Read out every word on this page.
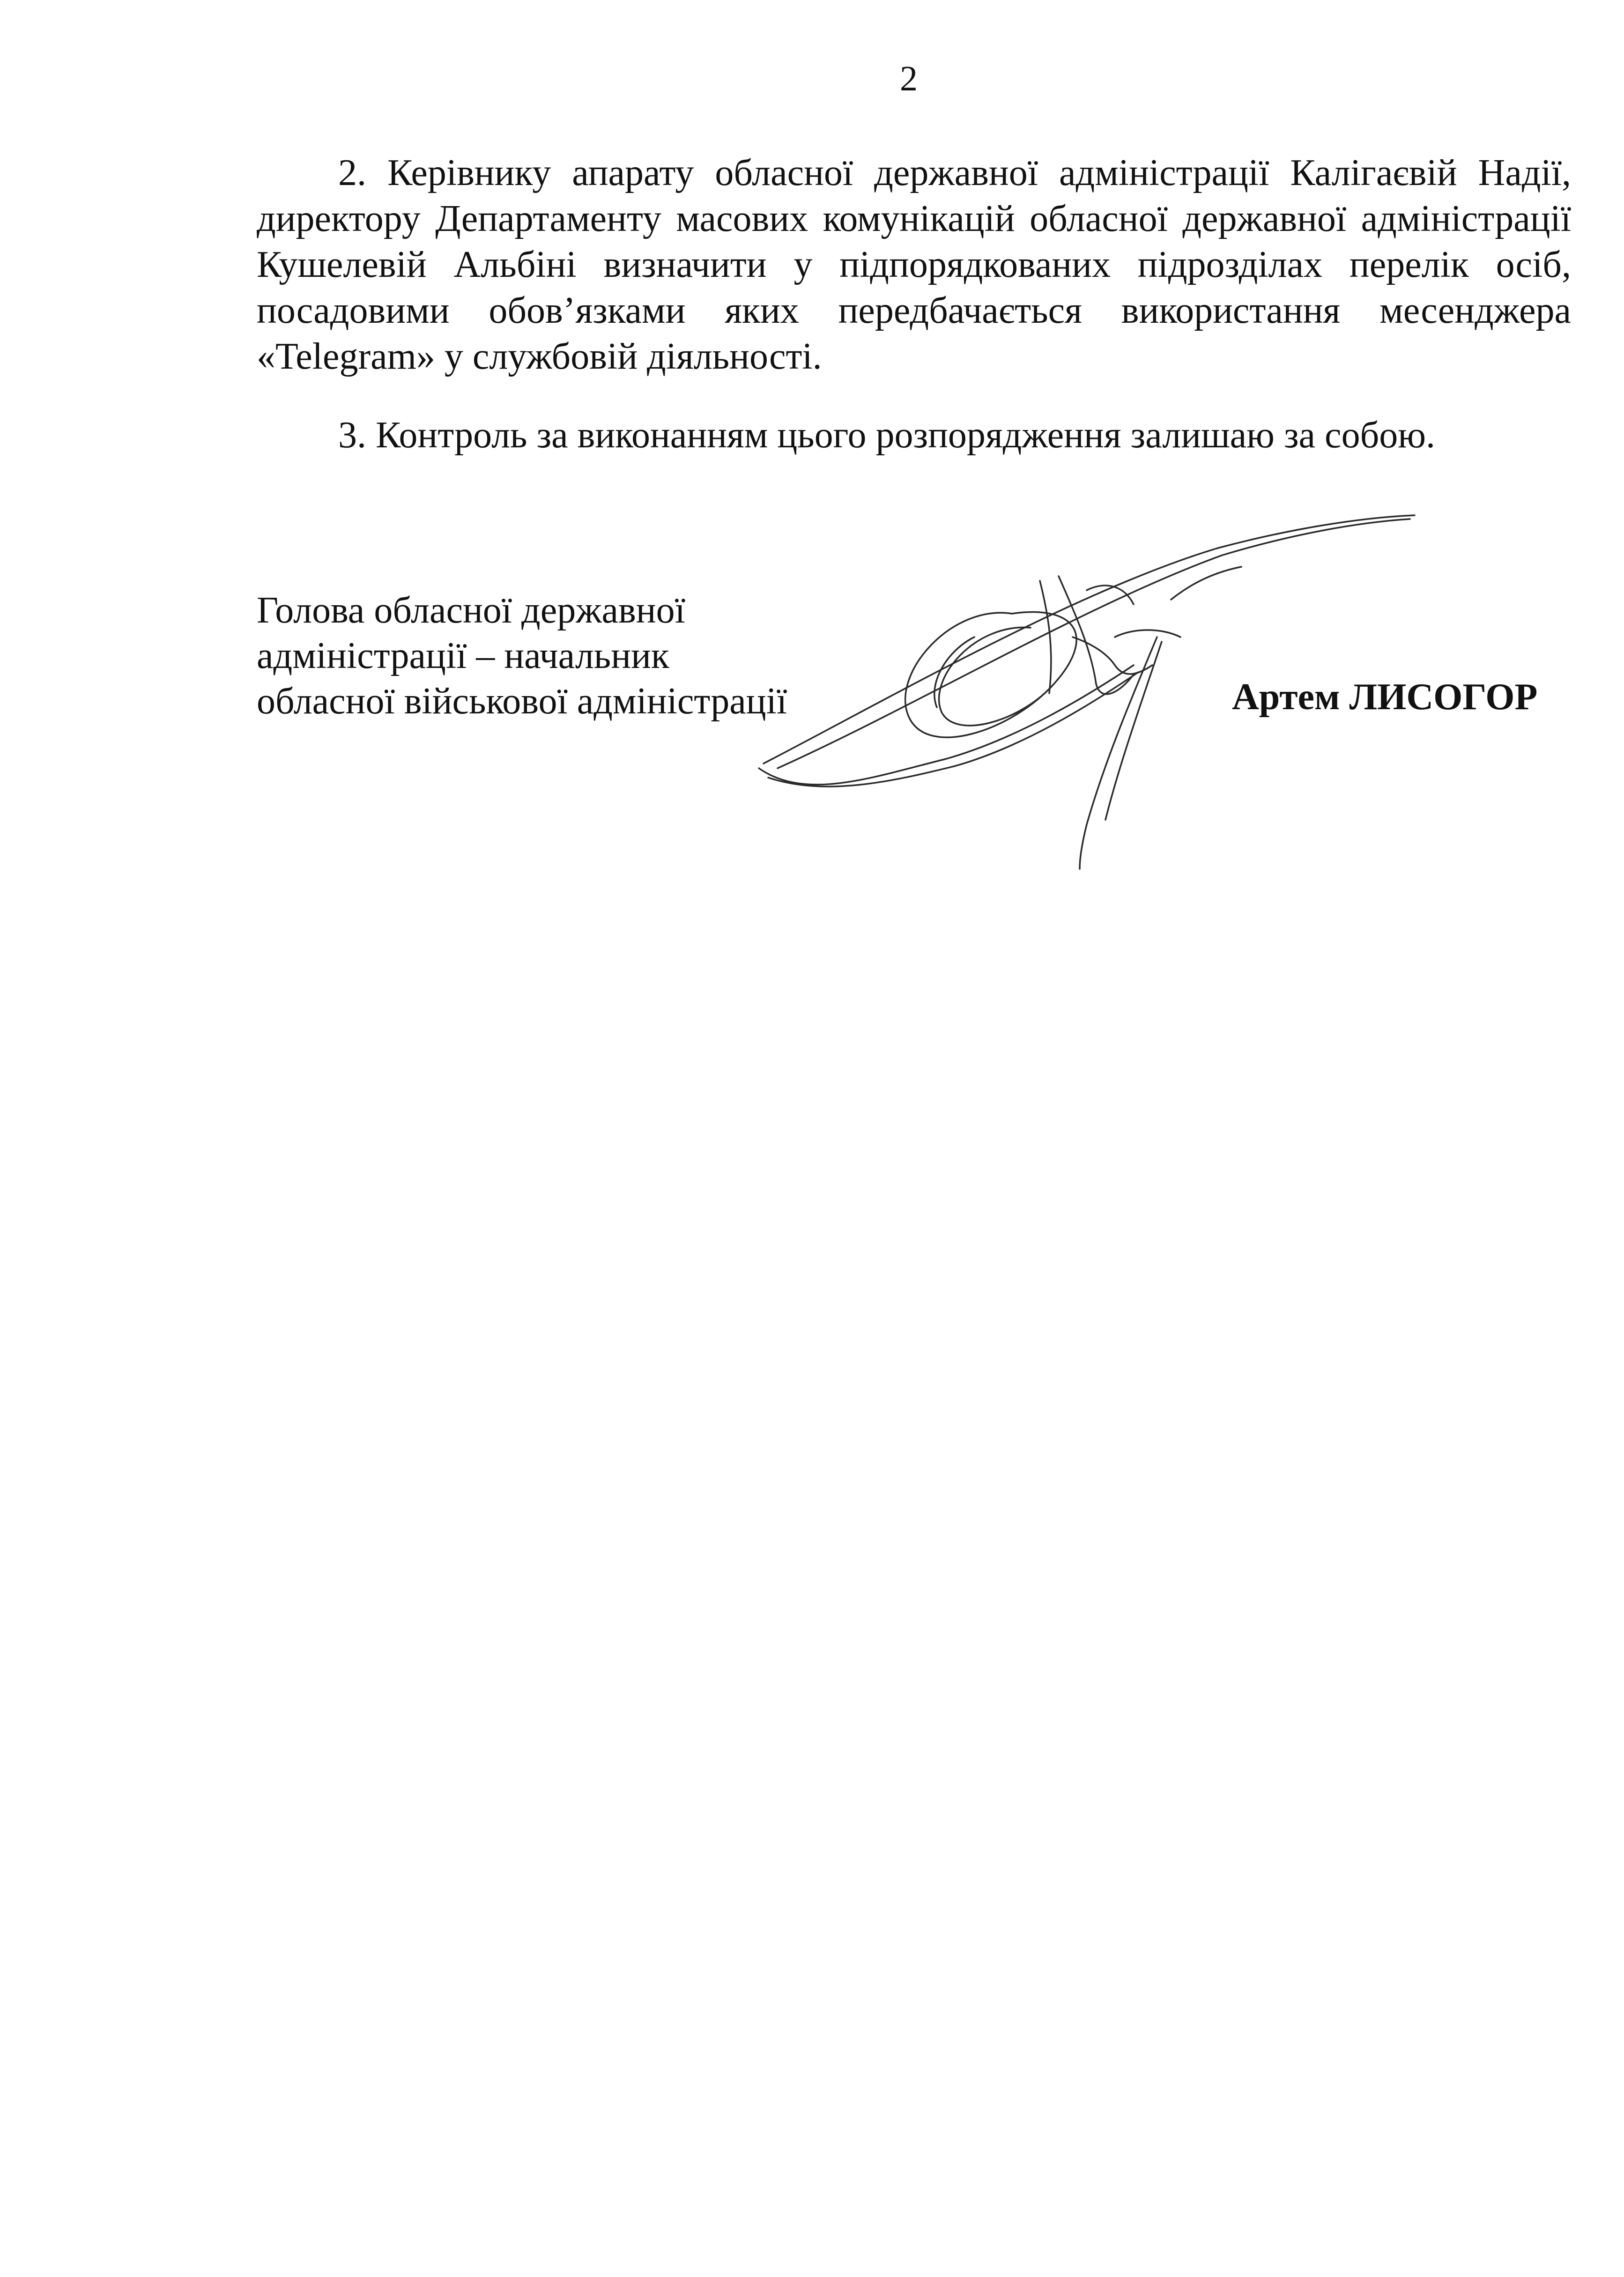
2
2. Керівнику апарату обласної державної адміністрації Калігаєвій Надії,
директору Департаменту масових комунікацій обласної державної адміністрації
Кушелевій Альбіні визначити у підпорядкованих підрозділах перелік осіб,
посадовими обов’язками яких передбачається використання месенджера
«Telegram» у службовій діяльності.
3. Контроль за виконанням цього розпорядження залишаю за собою.
Голова обласної державної
адміністрації – начальник
обласної військової адміністрації	Артем ЛИСОГОР
